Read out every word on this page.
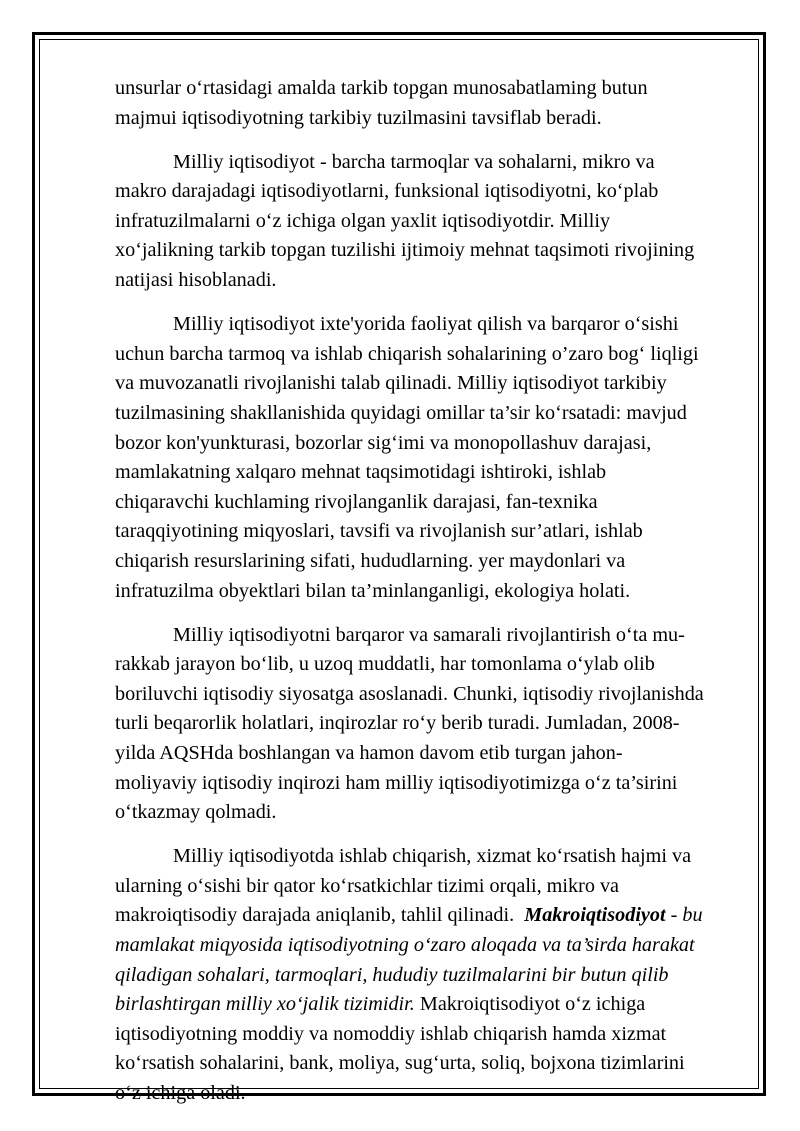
unsurlar o‘rtasidagi amalda tarkib topgan munosabatlaming butun
majmui iqtisodiyotning tarkibiy tuzilmasini tavsiflab beradi.

Milliy iqtisodiyot - barcha tarmoqlar va sohalarni, mikro va
makro darajadagi iqtisodiyotlarni, funksional iqtisodiyotni, ko‘plab
infratuzilmalarni o‘z ichiga olgan yaxlit iqtisodiyotdir. Milliy
xo‘jalikning tarkib topgan tuzilishi ijtimoiy mehnat taqsimoti rivojining
natijasi hisoblanadi.

Milliy iqtisodiyot ixte'yorida faoliyat qilish va barqaror o‘sishi
uchun barcha tarmoq va ishlab chiqarish sohalarining o’zaro bog‘ liqligi
va muvozanatli rivojlanishi talab qilinadi. Milliy iqtisodiyot tarkibiy
tuzilmasining shakllanishida quyidagi omillar ta’sir ko‘rsatadi: mavjud
bozor kon'yunkturasi, bozorlar sig‘imi va monopollashuv darajasi,
mamlakatning xalqaro mehnat taqsimotidagi ishtiroki, ishlab
chiqaravchi kuchlaming rivojlanganlik darajasi, fan-texnika
taraqqiyotining miqyoslari, tavsifi va rivojlanish sur’atlari, ishlab
chiqarish resurslarining sifati, hududlarning. yer maydonlari va
infratuzilma obyektlari bilan ta’minlanganligi, ekologiya holati.

Milliy iqtisodiyotni barqaror va samarali rivojlantirish o‘ta mu-
rakkab jarayon bo‘lib, u uzoq muddatli, har tomonlama o‘ylab olib
boriluvchi iqtisodiy siyosatga asoslanadi. Chunki, iqtisodiy rivojlanishda
turli beqarorlik holatlari, inqirozlar ro‘y berib turadi. Jumladan, 2008-
yilda AQSHda boshlangan va hamon davom etib turgan jahon-
moliyaviy iqtisodiy inqirozi ham milliy iqtisodiyotimizga o‘z ta’sirini
o‘tkazmay qolmadi.

Milliy iqtisodiyotda ishlab chiqarish, xizmat ko‘rsatish hajmi va
ularning o‘sishi bir qator ko‘rsatkichlar tizimi orqali, mikro va
makroiqtisodiy darajada aniqlanib, tahlil qilinadi.  Makroiqtisodiyot - bu
mamlakat miqyosida iqtisodiyotning o‘zaro aloqada va ta’sirda harakat
qiladigan sohalari, tarmoqlari, hududiy tuzilmalarini bir butun qilib
birlashtirgan milliy xo‘jalik tizimidir. Makroiqtisodiyot o‘z ichiga
iqtisodiyotning moddiy va nomoddiy ishlab chiqarish hamda xizmat
ko‘rsatish sohalarini, bank, moliya, sug‘urta, soliq, bojxona tizimlarini
o‘z ichiga oladi.
